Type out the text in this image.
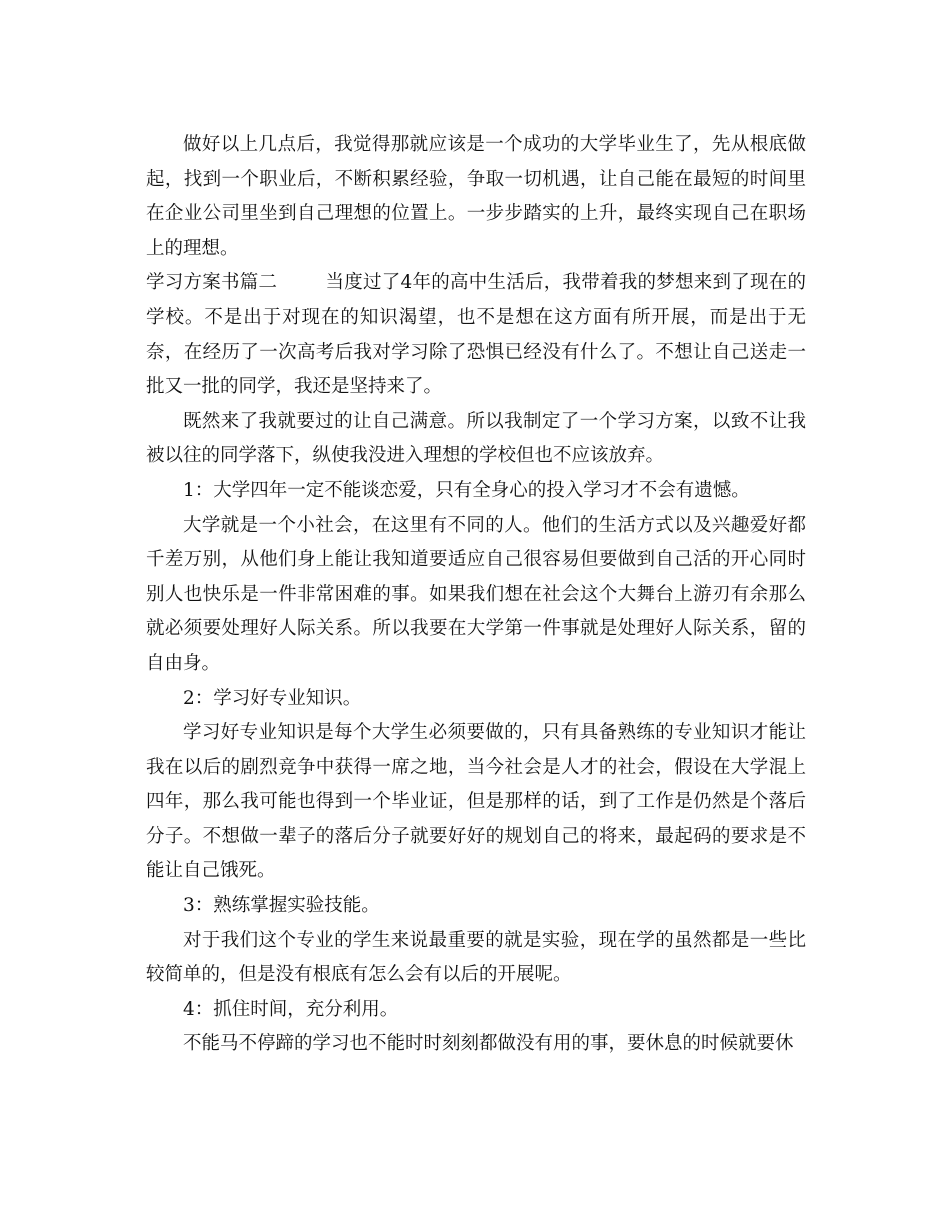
做好以上几点后，我觉得那就应该是一个成功的大学毕业生了，先从根底做起，找到一个职业后，不断积累经验，争取一切机遇，让自己能在最短的时间里在企业公司里坐到自己理想的位置上。一步步踏实的上升，最终实现自己在职场上的理想。

学习方案书篇二	当度过了4年的高中生活后，我带着我的梦想来到了现在的学校。不是出于对现在的知识渴望，也不是想在这方面有所开展，而是出于无奈，在经历了一次高考后我对学习除了恐惧已经没有什么了。不想让自己送走一批又一批的同学，我还是坚持来了。

既然来了我就要过的让自己满意。所以我制定了一个学习方案，以致不让我被以往的同学落下，纵使我没进入理想的学校但也不应该放弃。

1：大学四年一定不能谈恋爱，只有全身心的投入学习才不会有遗憾。

大学就是一个小社会，在这里有不同的人。他们的生活方式以及兴趣爱好都千差万别，从他们身上能让我知道要适应自己很容易但要做到自己活的开心同时别人也快乐是一件非常困难的事。如果我们想在社会这个大舞台上游刃有余那么就必须要处理好人际关系。所以我要在大学第一件事就是处理好人际关系，留的自由身。

2：学习好专业知识。

学习好专业知识是每个大学生必须要做的，只有具备熟练的专业知识才能让我在以后的剧烈竞争中获得一席之地，当今社会是人才的社会，假设在大学混上四年，那么我可能也得到一个毕业证，但是那样的话，到了工作是仍然是个落后分子。不想做一辈子的落后分子就要好好的规划自己的将来，最起码的要求是不能让自己饿死。

3：熟练掌握实验技能。

对于我们这个专业的学生来说最重要的就是实验，现在学的虽然都是一些比较简单的，但是没有根底有怎么会有以后的开展呢。

4：抓住时间，充分利用。

不能马不停蹄的学习也不能时时刻刻都做没有用的事，要休息的时候就要休
